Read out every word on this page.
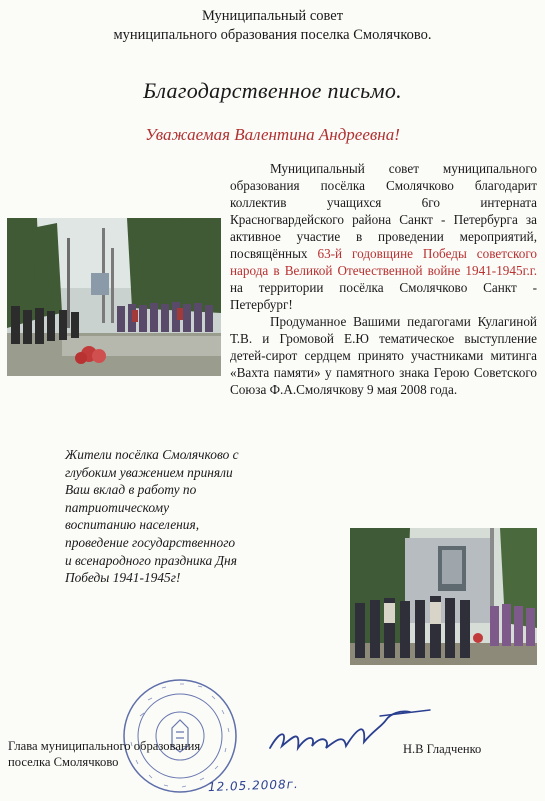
Муниципальный совет
муниципального образования поселка Смолячково.
Благодарственное письмо.
Уважаемая Валентина Андреевна!

Муниципальный совет муниципального образования посёлка Смолячково благодарит коллектив учащихся 6го интерната Красногвардейского района Санкт - Петербурга за активное участие в проведении мероприятий, посвящённых 63-й годовщине Победы советского народа в Великой Отечественной войне 1941-1945г.г. на территории посёлка Смолячково Санкт - Петербург!

Продуманное Вашими педагогами Кулагиной Т.В. и Громовой Е.Ю тематическое выступление детей-сирот сердцем принято участниками митинга «Вахта памяти» у памятного знака Герою Советского Союза Ф.А.Смолячкову 9 мая 2008 года.

Жители посёлка Смолячково с глубоким уважением приняли Ваш вклад в работу по патриотическому воспитанию населения, проведение государственного и всенародного праздника Дня Победы 1941-1945г!
Глава муниципального образования поселка Смолячково
Н.В Гладченко
12.05.2008г.
